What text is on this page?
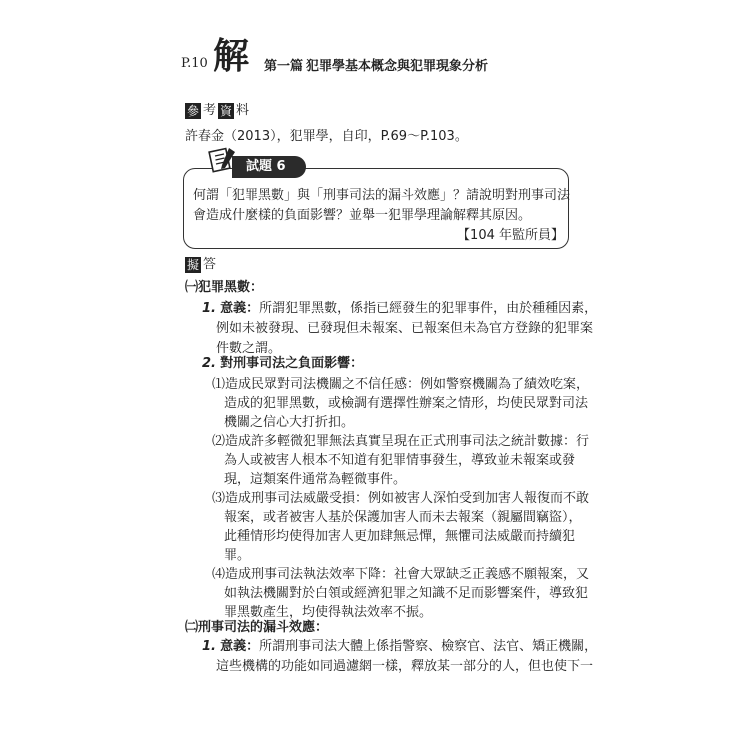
P.10 解 第一篇 犯罪學基本概念與犯罪現象分析
參 考 資 料
許春金（2013），犯罪學，自印，P.69～P.103。
試題 6
何謂「犯罪黑數」與「刑事司法的漏斗效應」？請說明對刑事司法
會造成什麼樣的負面影響？並舉一犯罪學理論解釋其原因。
【104 年監所員】
擬 答
㈠犯罪黑數：
1. 意義：所謂犯罪黑數，係指已經發生的犯罪事件，由於種種因素，
例如未被發現、已發現但未報案、已報案但未為官方登錄的犯罪案
件數之謂。
2. 對刑事司法之負面影響：
⑴造成民眾對司法機關之不信任感：例如警察機關為了績效吃案，
造成的犯罪黑數，或檢調有選擇性辦案之情形，均使民眾對司法
機關之信心大打折扣。
⑵造成許多輕微犯罪無法真實呈現在正式刑事司法之統計數據：行
為人或被害人根本不知道有犯罪情事發生，導致並未報案或發
現，這類案件通常為輕微事件。
⑶造成刑事司法威嚴受損：例如被害人深怕受到加害人報復而不敢
報案，或者被害人基於保護加害人而未去報案（親屬間竊盜），
此種情形均使得加害人更加肆無忌憚，無懼司法威嚴而持續犯
罪。
⑷造成刑事司法執法效率下降：社會大眾缺乏正義感不願報案，又
如執法機關對於白領或經濟犯罪之知識不足而影響案件，導致犯
罪黑數產生，均使得執法效率不振。
㈡刑事司法的漏斗效應：
1. 意義：所謂刑事司法大體上係指警察、檢察官、法官、矯正機關，
這些機構的功能如同過濾網一樣，釋放某一部分的人，但也使下一
